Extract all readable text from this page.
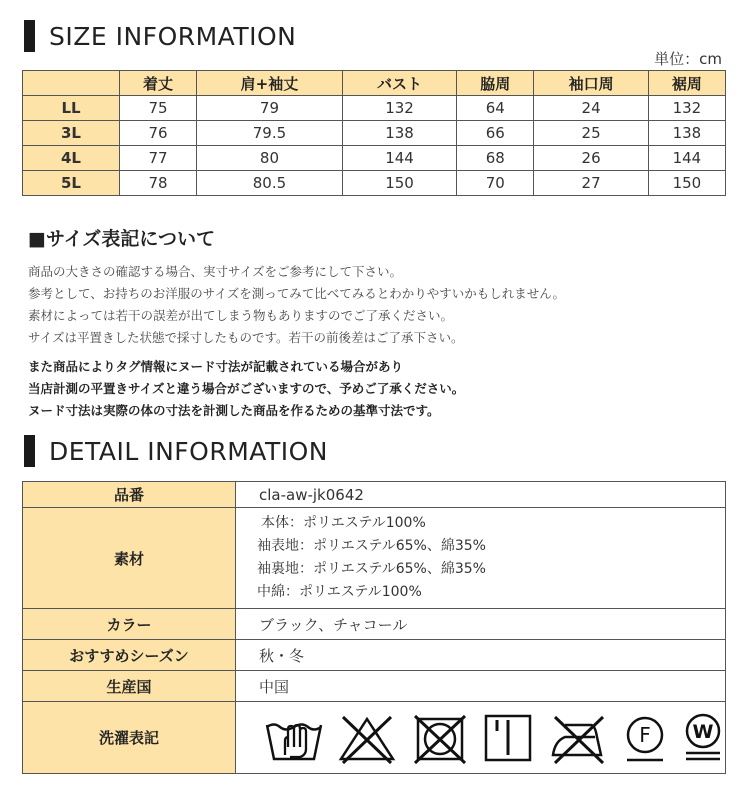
SIZE INFORMATION
単位：cm
	着丈	肩+袖丈	バスト	脇周	袖口周	裾周
LL	75	79	132	64	24	132
3L	76	79.5	138	66	25	138
4L	77	80	144	68	26	144
5L	78	80.5	150	70	27	150
■サイズ表記について
商品の大きさの確認する場合、実寸サイズをご参考にして下さい。
参考として、お持ちのお洋服のサイズを測ってみて比べてみるとわかりやすいかもしれません。
素材によっては若干の誤差が出てしまう物もありますのでご了承ください。
サイズは平置きした状態で採寸したものです。若干の前後差はご了承下さい。
また商品によりタグ情報にヌード寸法が記載されている場合があり
当店計測の平置きサイズと違う場合がございますので、予めご了承ください。
ヌード寸法は実際の体の寸法を計測した商品を作るための基準寸法です。
DETAIL INFORMATION
品番	cla-aw-jk0642
素材	本体：ポリエステル100%
袖表地：ポリエステル65%、綿35%
袖裏地：ポリエステル65%、綿35%
中綿：ポリエステル100%

カラー	ブラック、チャコール
おすすめシーズン	秋・冬
生産国	中国
洗濯表記	F W
